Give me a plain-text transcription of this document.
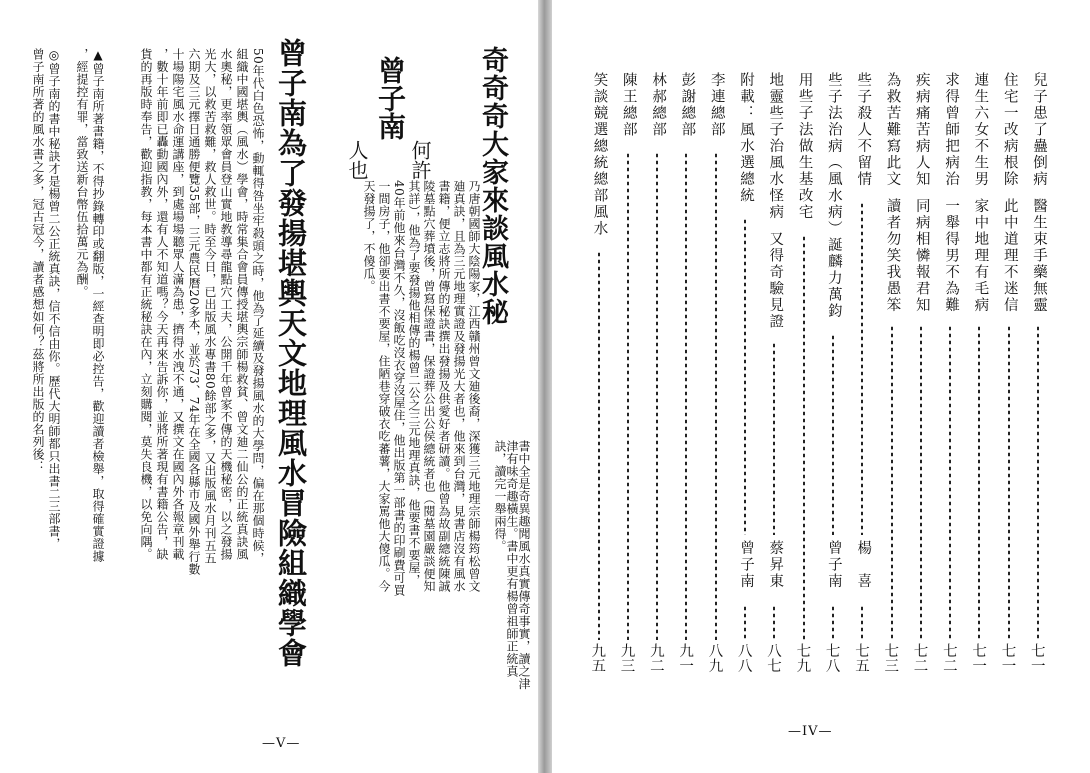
奇奇奇大家來談風水秘
書中全是奇異趣聞風水真實傳奇事實，讀之津津有味奇趣橫生。書中更有楊曾祖師正統真訣，讀完一舉兩得。
曾子南
何許
人也
乃唐朝國師大陰陽家，江西贛州曾文廸後裔，深獲三元地理宗師楊筠松曾文
廸真訣，且為三元地理實證及發揚光大者也，他來到台灣，見書店沒有風水
書籍，便立志將所傳的秘訣撰出發揚及供愛好者研讀。他曾為故副總統陳誠
陵墓點穴葬墳後，曾寫保證書，保證葬公出公侯總統者也（閱墓園嚴談便知
其詳），他為了要發揚他相傳的楊曾二公之三元地理真訣，他要書不要屋，
40年前他來台灣不久，沒飯吃沒衣穿沒屋住，他出版第一部書的印刷費可買
一間房子，他卻要出書不要屋，住陋巷穿破衣吃蕃薯，大家罵他大傻瓜。今
天發揚了，不傻瓜。
曾子南為了發揚堪輿天文地理風水冒險組織學會
50年代白色恐怖，動輒得咎坐牢殺頭之時，他為了延續及發揚風水的大學問，偏在那個時候，
組織中國堪輿（風水）學會，時常集合會員傳授堪輿宗師楊救貧、曾文廸二仙公的正統真訣風
水奧秘，更率領眾會員登山實地教導尋龍點穴工夫，公開千年曾家不傳的天機秘密，以之發揚
光大，以救苦救難，救人救世。時至今日，已出版風水專書80餘部之多，又出版風水月刊五五
六期及三元擇日通勝便覽35部，三元農民曆20多本，並於73、74年在全國各縣市及國外舉行數
十場陽宅風水命運講座，到處場場聽眾人滿為患，擠得水洩不通，又撰文在國內外各報章刊載
，數十年前即已轟動國內外，還有人不知道嗎？今天再來告訴你，並將所著現有書籍公告，缺
貨的再版時奉告，歡迎指教，每本書中都有正統秘訣在內，立刻購閱，莫失良機，以免向隅。
▲曾子南所著書籍，不得抄錄轉印或翻版，一經查明即必控告，歡迎讀者檢舉，取得確實證據
，經提控有罪，當致送新台幣伍拾萬元為酬。
◎曾子南的書中秘訣才是楊曾二公正統真訣，信不信由你。歷代大明師都只出書二三部書，
曾子南所著的風水書之多，冠古冠今，讀者感想如何？茲將所出版的名列後：
—V—
兒子患了蠱倒病
醫生束手藥無靈
七
一
住宅一改病根除
此中道理不迷信
七
一
連生六女不生男
家中地理有毛病
七
一
求得曾師把病治
一舉得男不為難
七
二
疾病痛苦病人知
同病相憐報君知
七
二
為救苦難寫此文
讀者勿笑我愚笨
七
三
些子殺人不留情
楊　喜
七
五
些子法治病（風水病）誕麟力萬鈞
曾子南
七
八
用些子法做生基改宅
七
九
地靈些子治風水怪病
又得奇驗見證
蔡昇東
八
七
附載：風水選總統
曾子南
八
八
李連總部
八
九
彭謝總部
九
一
林郝總部
九
二
陳王總部
九
三
笑談競選總統總部風水
九
五
—IV—
